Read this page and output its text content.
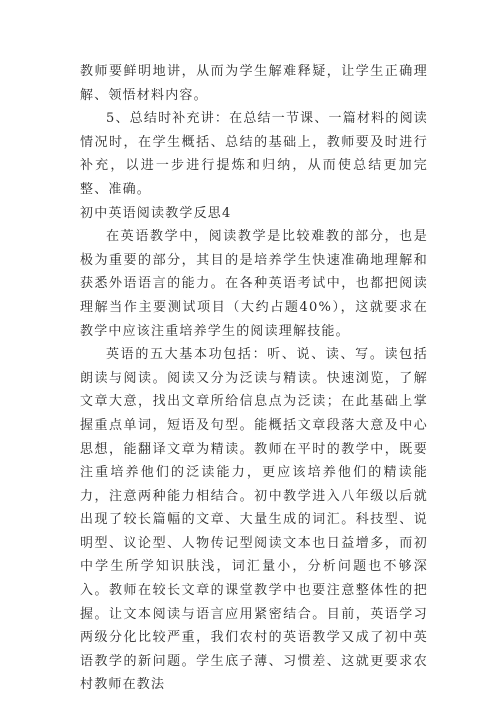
教师要鲜明地讲，从而为学生解难释疑，让学生正确理解、领悟材料内容。

5、总结时补充讲：在总结一节课、一篇材料的阅读情况时，在学生概括、总结的基础上，教师要及时进行补充，以进一步进行提炼和归纳，从而使总结更加完整、准确。

初中英语阅读教学反思4

在英语教学中，阅读教学是比较难教的部分，也是极为重要的部分，其目的是培养学生快速准确地理解和获悉外语语言的能力。在各种英语考试中，也都把阅读理解当作主要测试项目（大约占题40%），这就要求在教学中应该注重培养学生的阅读理解技能。

英语的五大基本功包括：听、说、读、写。读包括朗读与阅读。阅读又分为泛读与精读。快速浏览，了解文章大意，找出文章所给信息点为泛读；在此基础上掌握重点单词，短语及句型。能概括文章段落大意及中心思想，能翻译文章为精读。教师在平时的教学中，既要注重培养他们的泛读能力，更应该培养他们的精读能力，注意两种能力相结合。初中教学进入八年级以后就出现了较长篇幅的文章、大量生成的词汇。科技型、说明型、议论型、人物传记型阅读文本也日益增多，而初中学生所学知识肤浅，词汇量小，分析问题也不够深入。教师在较长文章的课堂教学中也要注意整体性的把握。让文本阅读与语言应用紧密结合。目前，英语学习两级分化比较严重，我们农村的英语教学又成了初中英语教学的新问题。学生底子薄、习惯差、这就更要求农村教师在教法
